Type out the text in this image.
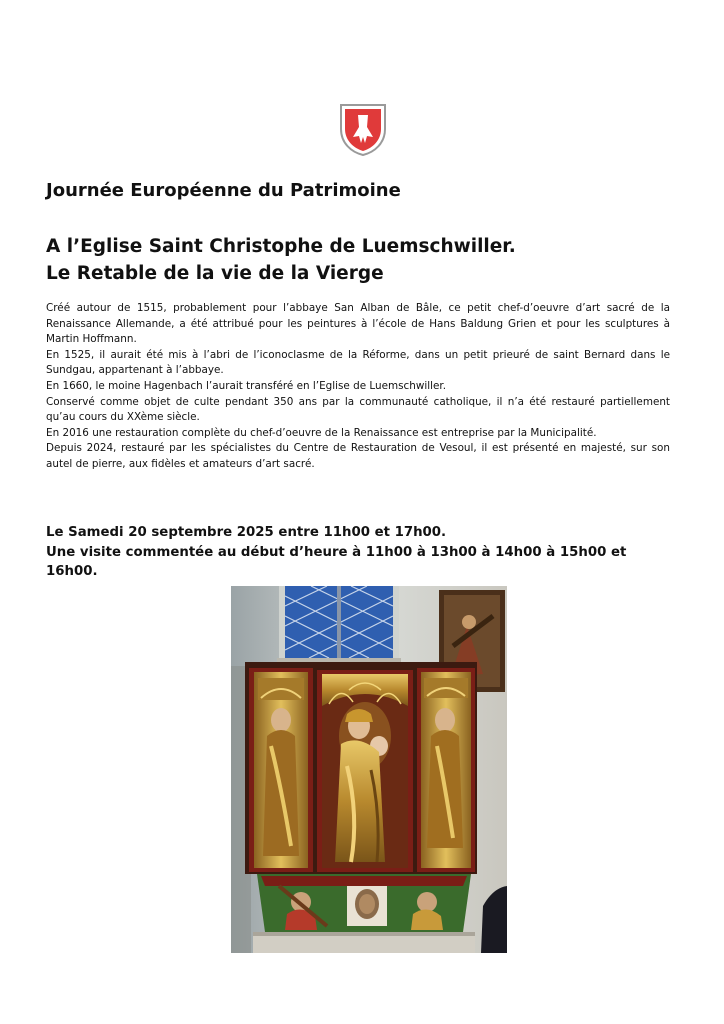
Journée Européenne du Patrimoine
A l’Eglise Saint Christophe de Luemschwiller.
Le Retable de la vie de la Vierge

Créé autour de 1515, probablement pour l’abbaye San Alban de Bâle, ce petit chef-d’oeuvre d’art sacré de la Renaissance Allemande, a été attribué pour les peintures à l’école de Hans Baldung Grien et pour les sculptures à Martin Hoffmann.

En 1525, il aurait été mis à l’abri de l’iconoclasme de la Réforme, dans un petit prieuré de saint Bernard dans le Sundgau, appartenant à l’abbaye.

En 1660, le moine Hagenbach l’aurait transféré en l’Eglise de Luemschwiller.

Conservé comme objet de culte pendant 350 ans par la communauté catholique, il n’a été restauré partiellement qu’au cours du XXème siècle.

En 2016 une restauration complète du chef-d’oeuvre de la Renaissance est entreprise par la Municipalité.

Depuis 2024, restauré par les spécialistes du Centre de Restauration de Vesoul, il est présenté en majesté, sur son autel de pierre, aux fidèles et amateurs d’art sacré.

Le Samedi 20 septembre 2025 entre 11h00 et 17h00.

Une visite commentée au début d’heure à 11h00 à 13h00 à 14h00 à 15h00 et 16h00.
